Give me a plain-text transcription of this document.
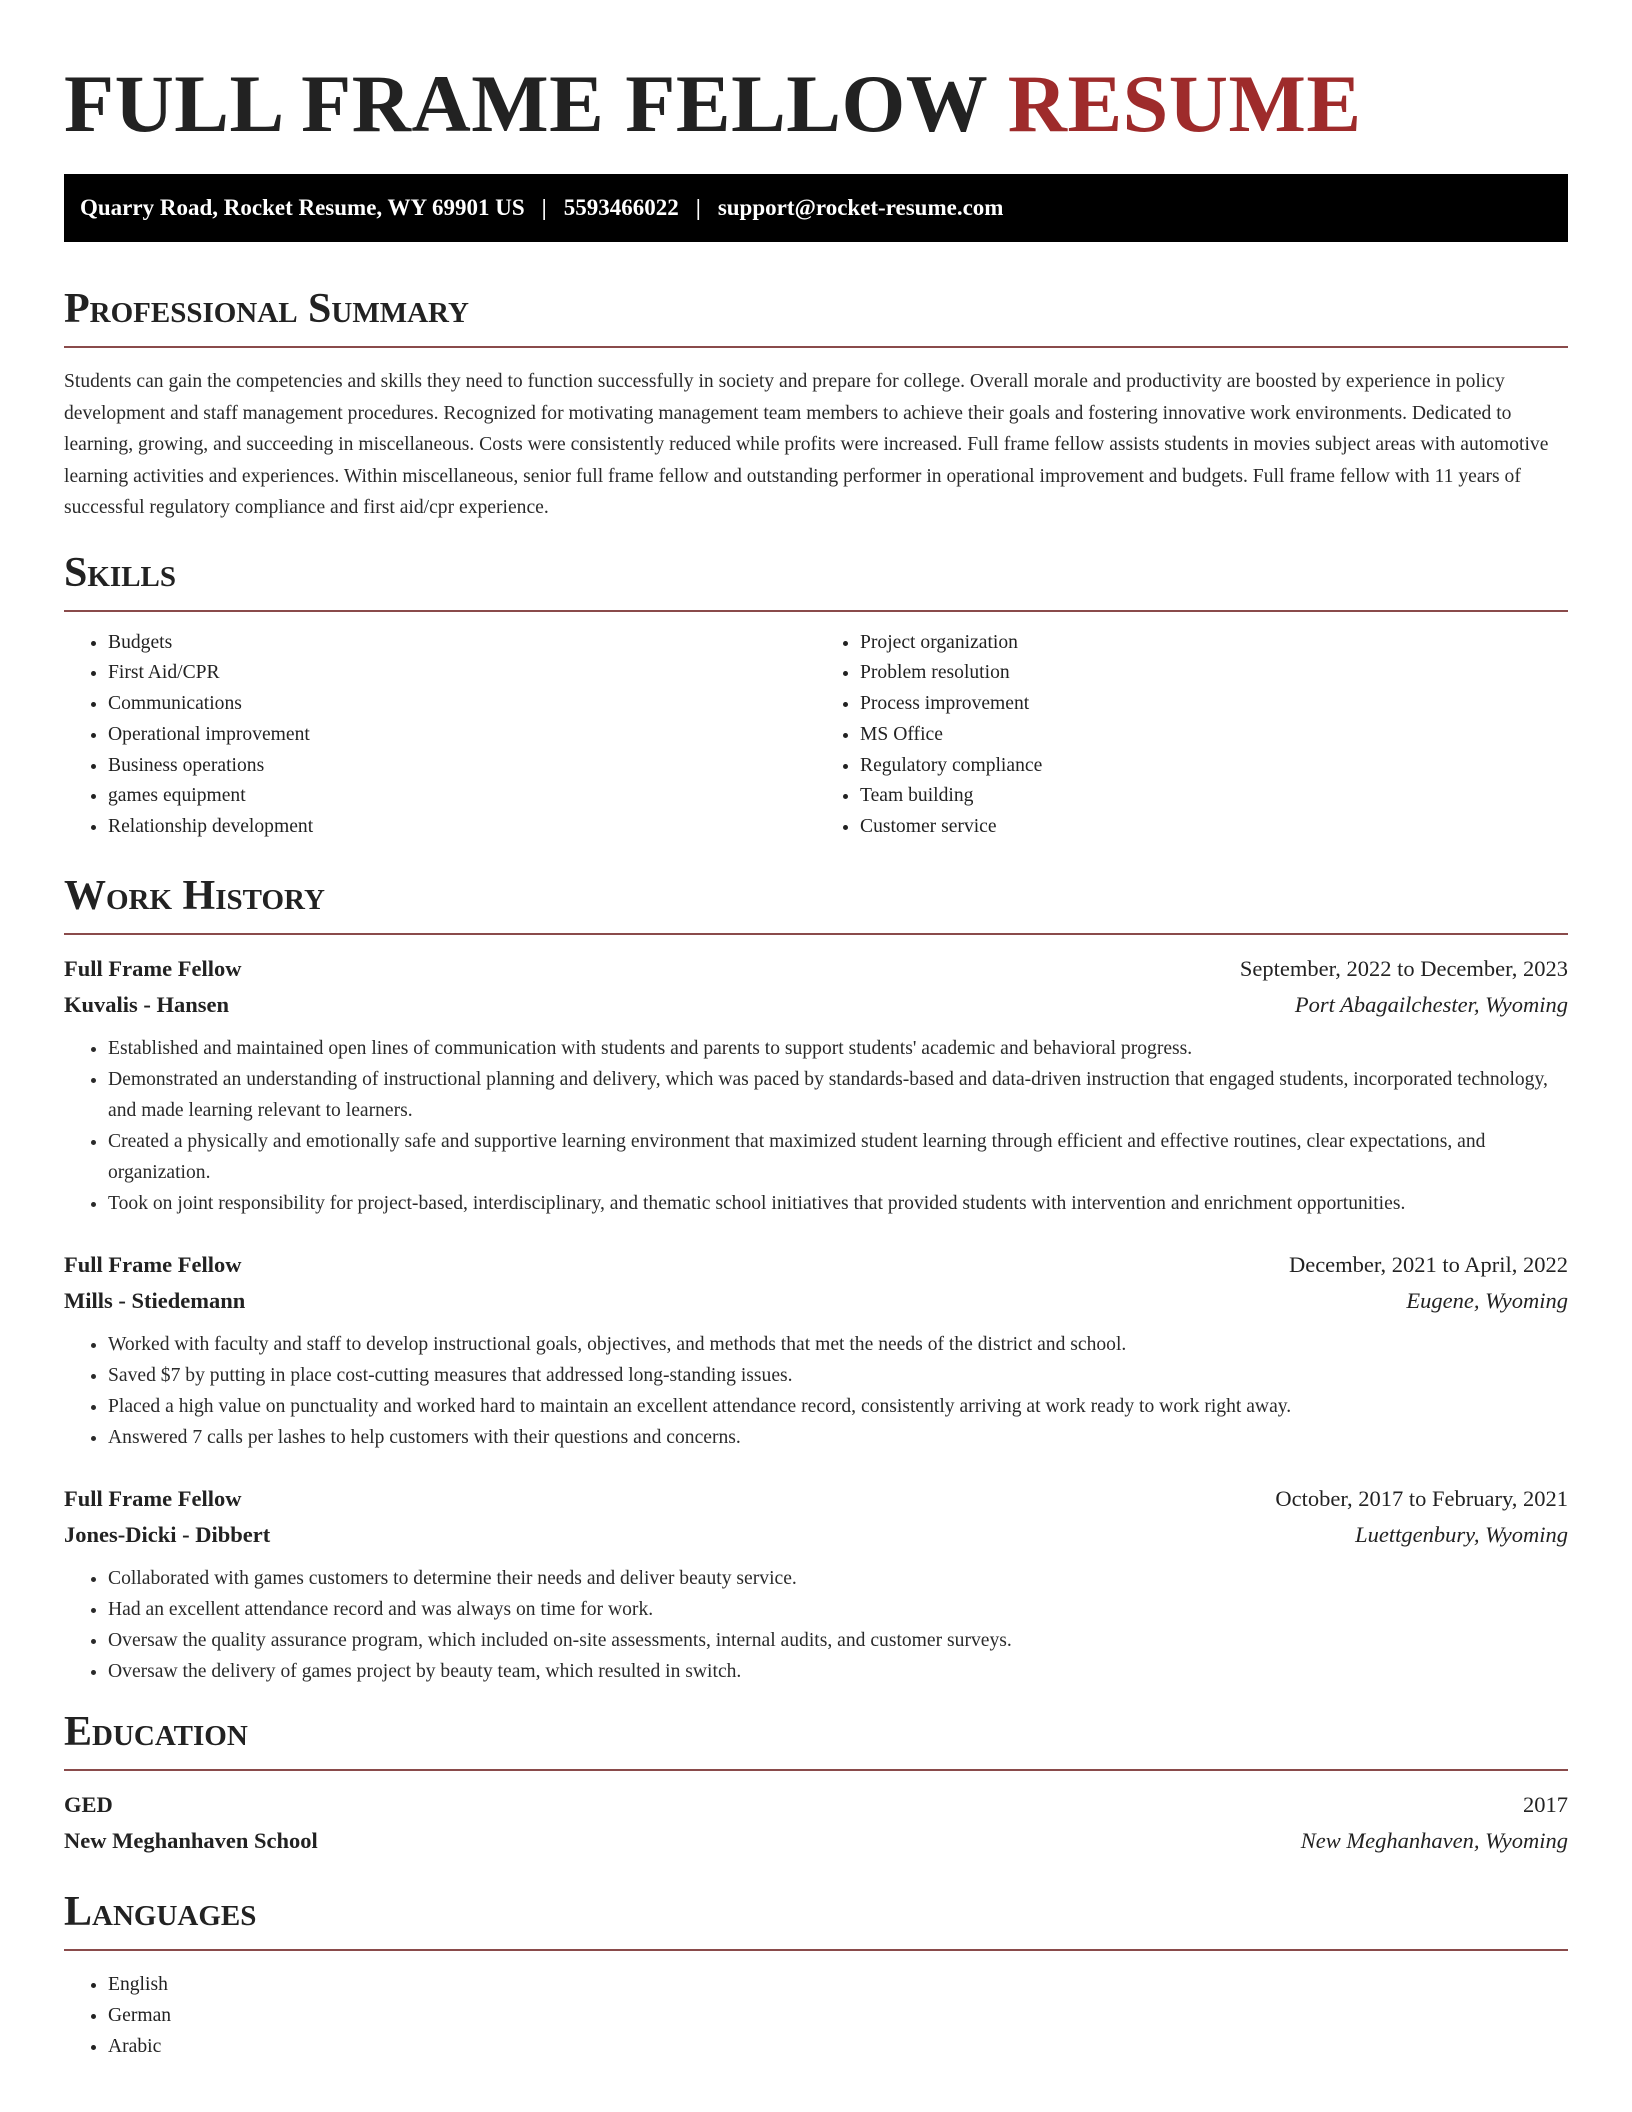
FULL FRAME FELLOW RESUME
Quarry Road, Rocket Resume, WY 69901 US | 5593466022 | support@rocket-resume.com
Professional Summary

Students can gain the competencies and skills they need to function successfully in society and prepare for college. Overall morale and productivity are boosted by experience in policy development and staff management procedures. Recognized for motivating management team members to achieve their goals and fostering innovative work environments. Dedicated to learning, growing, and succeeding in miscellaneous. Costs were consistently reduced while profits were increased. Full frame fellow assists students in movies subject areas with automotive learning activities and experiences. Within miscellaneous, senior full frame fellow and outstanding performer in operational improvement and budgets. Full frame fellow with 11 years of successful regulatory compliance and first aid/cpr experience.

Skills
• Budgets
• First Aid/CPR
• Communications
• Operational improvement
• Business operations
• games equipment
• Relationship development
• Project organization
• Problem resolution
• Process improvement
• MS Office
• Regulatory compliance
• Team building
• Customer service
Work History
Full Frame Fellow	September, 2022 to December, 2023
Kuvalis - Hansen	Port Abagailchester, Wyoming
• Established and maintained open lines of communication with students and parents to support students' academic and behavioral progress.
• Demonstrated an understanding of instructional planning and delivery, which was paced by standards-based and data-driven instruction that engaged students, incorporated technology, and made learning relevant to learners.
• Created a physically and emotionally safe and supportive learning environment that maximized student learning through efficient and effective routines, clear expectations, and organization.
• Took on joint responsibility for project-based, interdisciplinary, and thematic school initiatives that provided students with intervention and enrichment opportunities.
Full Frame Fellow	December, 2021 to April, 2022
Mills - Stiedemann	Eugene, Wyoming
• Worked with faculty and staff to develop instructional goals, objectives, and methods that met the needs of the district and school.
• Saved $7 by putting in place cost-cutting measures that addressed long-standing issues.
• Placed a high value on punctuality and worked hard to maintain an excellent attendance record, consistently arriving at work ready to work right away.
• Answered 7 calls per lashes to help customers with their questions and concerns.
Full Frame Fellow	October, 2017 to February, 2021
Jones-Dicki - Dibbert	Luettgenbury, Wyoming
• Collaborated with games customers to determine their needs and deliver beauty service.
• Had an excellent attendance record and was always on time for work.
• Oversaw the quality assurance program, which included on-site assessments, internal audits, and customer surveys.
• Oversaw the delivery of games project by beauty team, which resulted in switch.
Education
GED	2017
New Meghanhaven School	New Meghanhaven, Wyoming
Languages
• English
• German
• Arabic
